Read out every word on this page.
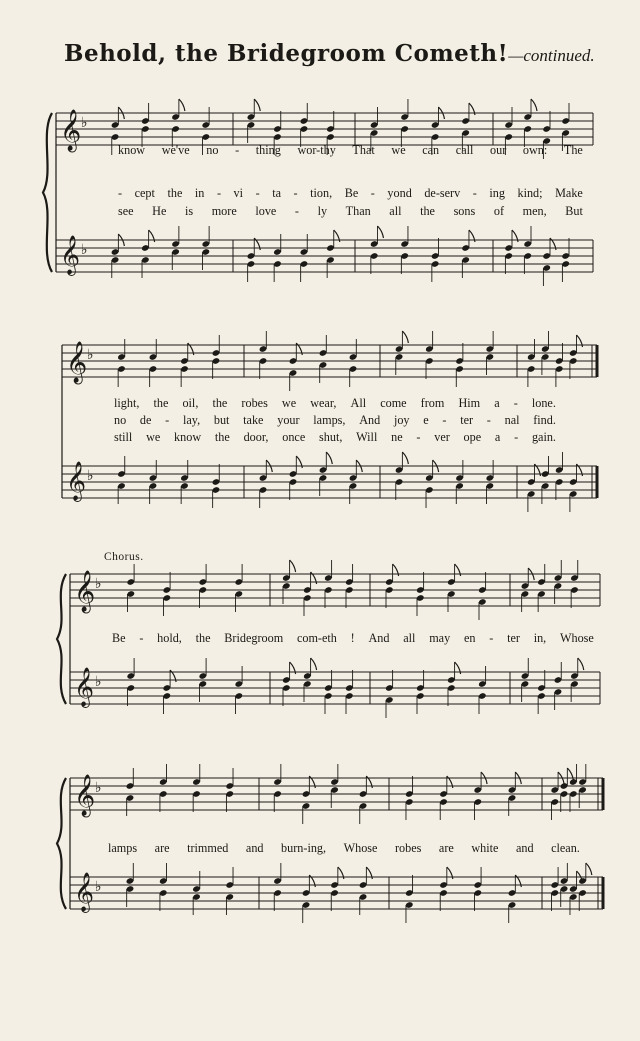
Behold, the Bridegroom Cometh!—continued.
𝄞
𝄞
♭
♭
𝄞
𝄞
♭
♭
𝄞
𝄞
♭
♭
𝄞
𝄞
♭
♭
Chorus.
know we've no - thing wor-thy That we can call our own: The
- cept the in - vi - ta - tion, Be - yond de-serv - ing kind; Make
see He is more love - ly Than all the sons of men, But
light, the oil, the robes we wear, All come from Him a - lone.
no de - lay, but take your lamps, And joy e - ter - nal find.
still we know the door, once shut, Will ne - ver ope a - gain.
Be - hold, the Bridegroom com-eth ! And all may en - ter in, Whose
lamps are trimmed and burn-ing, Whose robes are white and clean.
